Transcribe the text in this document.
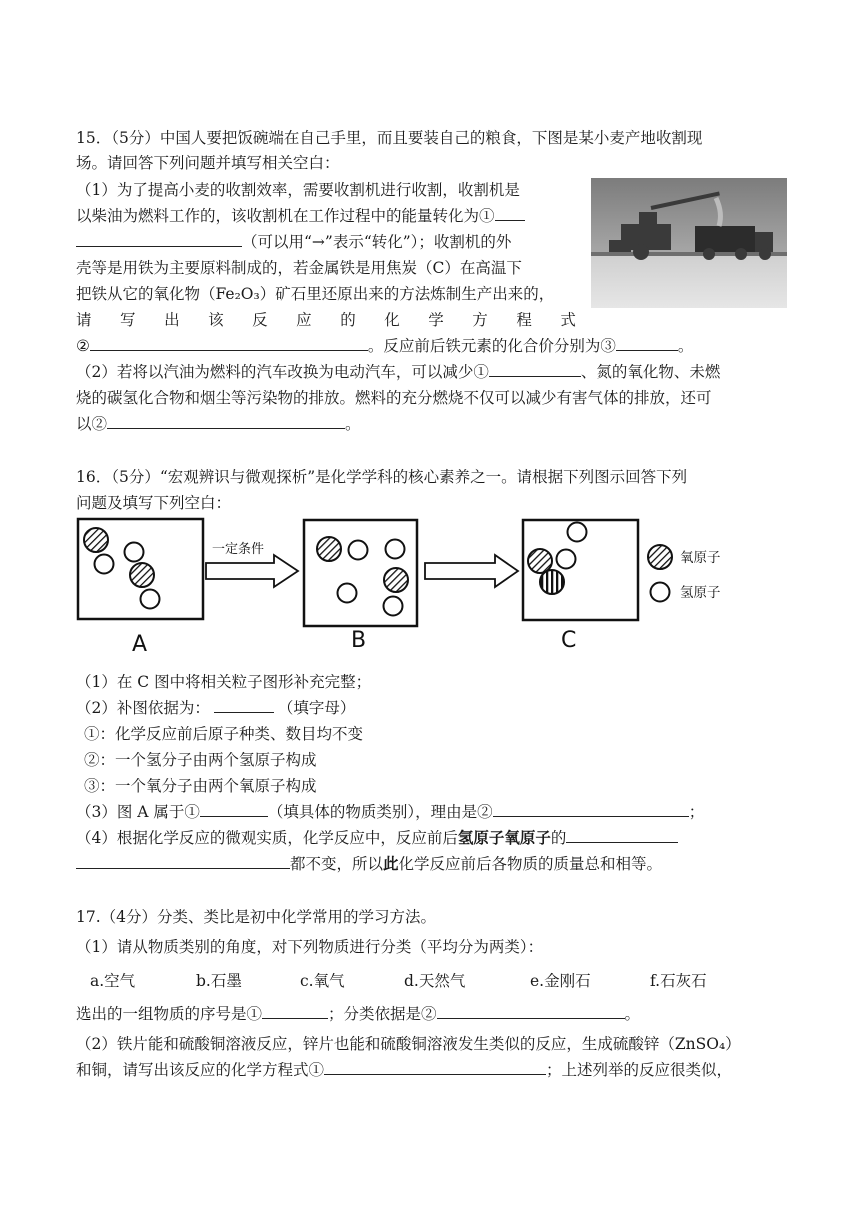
15．（5分）中国人要把饭碗端在自己手里，而且要装自己的粮食，下图是某小麦产地收割现
场。请回答下列问题并填写相关空白：
（1）为了提高小麦的收割效率，需要收割机进行收割，收割机是
以柴油为燃料工作的，该收割机在工作过程中的能量转化为①
（可以用“→”表示“转化”）；收割机的外
壳等是用铁为主要原料制成的，若金属铁是用焦炭（C）在高温下
把铁从它的氧化物（Fe₂O₃）矿石里还原出来的方法炼制生产出来的，
请 写 出 该 反 应 的 化 学 方 程 式
②	。反应前后铁元素的化合价分别为③	。
（2）若将以汽油为燃料的汽车改换为电动汽车，可以减少①	、氮的氧化物、未燃
烧的碳氢化合物和烟尘等污染物的排放。燃料的充分燃烧不仅可以减少有害气体的排放，还可
以②	。
16．（5分）“宏观辨识与微观探析”是化学学科的核心素养之一。请根据下列图示回答下列
问题及填写下列空白：
一定条件
氧原子
氢原子
A	B	C
（1）在 C 图中将相关粒子图形补充完整；
（2）补图依据为：	（填字母）
①：化学反应前后原子种类、数目均不变
②：一个氢分子由两个氢原子构成
③：一个氧分子由两个氧原子构成
（3）图 A 属于①	（填具体的物质类别），理由是②	；
（4）根据化学反应的微观实质，化学反应中，反应前后氢原子氧原子的
都不变，所以此化学反应前后各物质的质量总和相等。
17.（4分）分类、类比是初中化学常用的学习方法。
（1）请从物质类别的角度，对下列物质进行分类（平均分为两类）：
a.空气	b.石墨	c.氧气	d.天然气	e.金刚石	f.石灰石
选出的一组物质的序号是①	；分类依据是②	。
（2）铁片能和硫酸铜溶液反应，锌片也能和硫酸铜溶液发生类似的反应，生成硫酸锌（ZnSO₄）
和铜，请写出该反应的化学方程式①	；上述列举的反应很类似，
